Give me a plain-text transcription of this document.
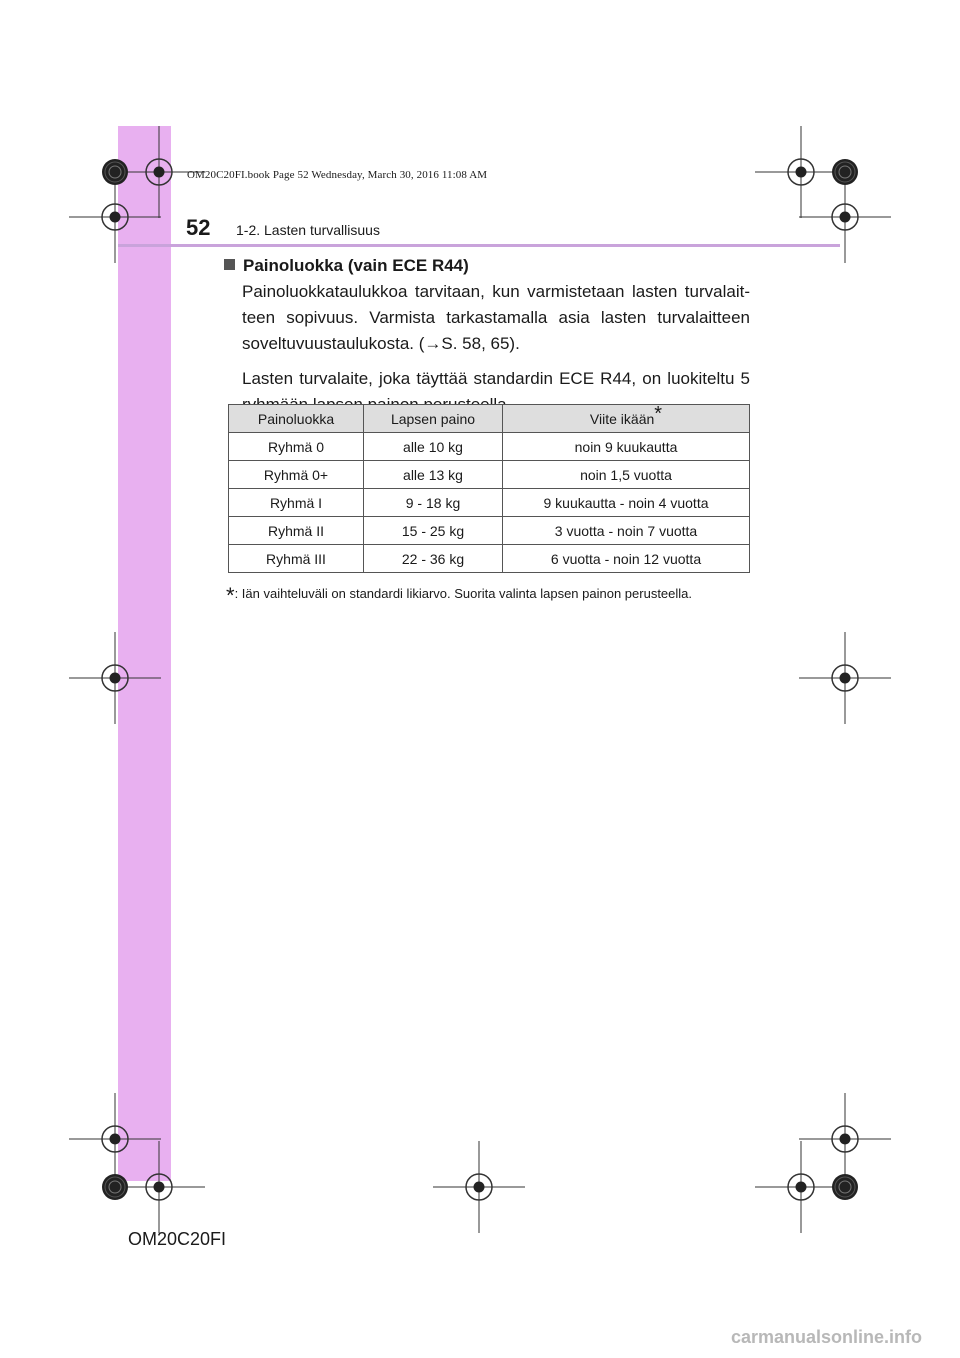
OM20C20FI.book Page 52 Wednesday, March 30, 2016 11:08 AM
52 1-2. Lasten turvallisuus
Painoluokka (vain ECE R44)
Painoluokkataulukkoa tarvitaan, kun varmistetaan lasten turvalait-teen sopivuus. Varmista tarkastamalla asia lasten turvalaitteen soveltuvuustaulukosta. (→S. 58, 65).
Lasten turvalaite, joka täyttää standardin ECE R44, on luokiteltu 5
Painoluokka	Lapsen paino	Viite ikään*
Ryhmä 0	alle 10 kg	noin 9 kuukautta
Ryhmä 0+	alle 13 kg	noin 1,5 vuotta
Ryhmä I	9 - 18 kg	9 kuukautta - noin 4 vuotta
Ryhmä II	15 - 25 kg	3 vuotta - noin 7 vuotta
Ryhmä III	22 - 36 kg	6 vuotta - noin 12 vuotta
*: Iän vaihteluväli on standardi likiarvo. Suorita valinta lapsen painon perusteella.
OM20C20FI
carmanualsonline.info
